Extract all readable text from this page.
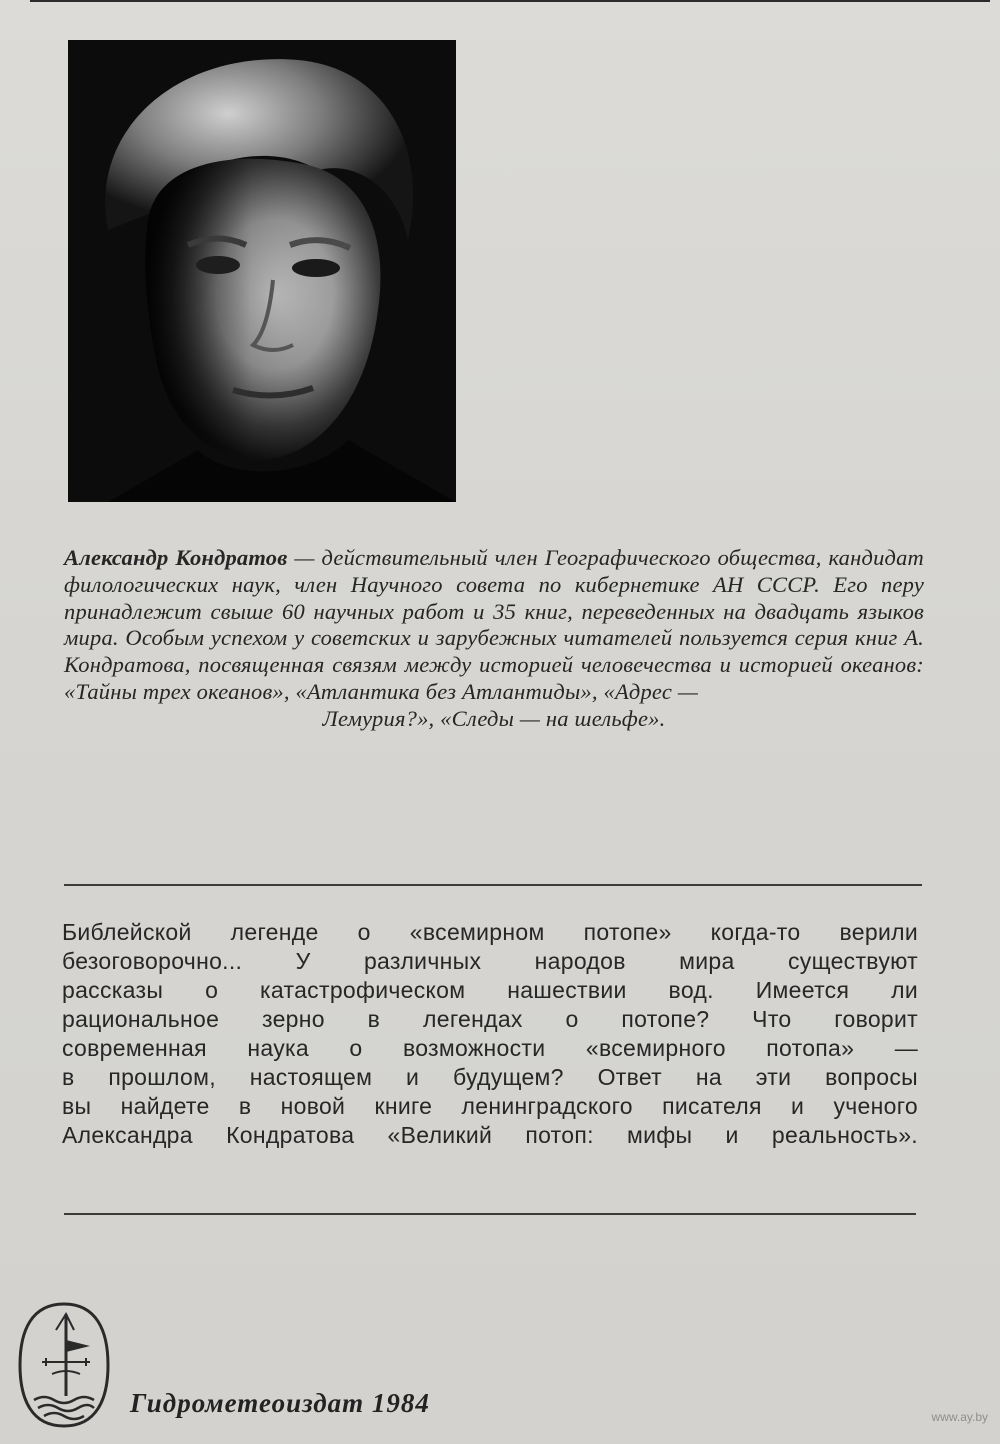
Александр Кондратов — действительный член Географического общества, кандидат филологических наук, член Научного совета по кибернетике АН СССР. Его перу принадлежит свыше 60 научных работ и 35 книг, переведенных на двадцать языков мира. Особым успехом у советских и зарубежных читателей пользуется серия книг А. Кондратова, посвященная связям между историей человечества и историей океанов: «Тайны трех океанов», «Атлантика без Атлантиды», «Адрес —
Лемурия?», «Следы — на шельфе».
Библейской легенде о «всемирном потопе» когда-то верили
безоговорочно... У различных народов мира существуют
рассказы о катастрофическом нашествии вод. Имеется ли
рациональное зерно в легендах о потопе? Что говорит
современная наука о возможности «всемирного потопа» —
в прошлом, настоящем и будущем? Ответ на эти вопросы
вы найдете в новой книге ленинградского писателя и ученого
Александра Кондратова «Великий потоп: мифы и реальность».
Гидрометеоиздат 1984	www.ay.by
